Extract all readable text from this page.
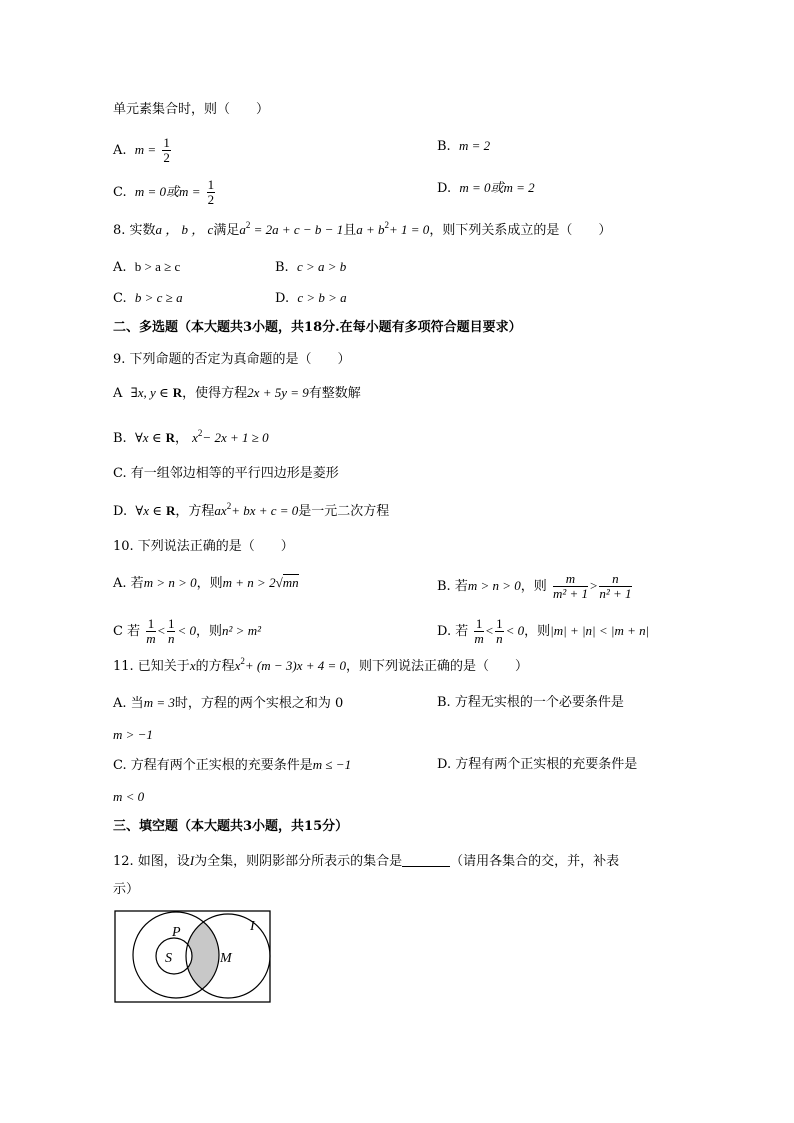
单元素集合时，则（　　）
A. $m = \frac{1}{2}$	B. m = 2
C. m = 0或$m = \frac{1}{2}$	D. m = 0或m = 2
8. 实数a ， b ， c满足$a^2 = 2a + c - b - 1$且$a + b^2+ 1 = 0$，则下列关系成立的是（　　）
A. b > a ≥ c	B. c > a > b
C. b > c ≥ a	D. c > b > a
二、多选题（本大题共3小题，共18分.在每小题有多项符合题目要求）
9. 下列命题的否定为真命题的是（　　）
A ∃x, y ∈ R，使得方程2x + 5y = 9有整数解
B. ∀x ∈ R， $x^2- 2x + 1 \ge 0$
C. 有一组邻边相等的平行四边形是菱形
D. ∀x ∈ R，方程$ax^2+$ bx + c = 0是一元二次方程
10. 下列说法正确的是（　　）
A. 若m > n > 0，则m + n > 2√mn	B. 若m > n > 0，则 $\frac{m}{\text{m² + 1}} > \frac{n}{\text{n² + 1}}$
C 若 $\frac{1}{m} < \frac{1}{n} < 0$，则n² > m²	D. 若 $\frac{1}{m} < \frac{1}{n} < 0$，则|m| + |n| < |m + n|
11. 已知关于x的方程$x^2+ (m - 3)x + 4 = 0$，则下列说法正确的是（　　）
A. 当m = 3时，方程的两个实根之和为 0	B. 方程无实根的一个必要条件是
m > −1
C. 方程有两个正实根的充要条件是m ≤ −1	D. 方程有两个正实根的充要条件是
m < 0
三、填空题（本大题共3小题，共15分）
12. 如图，设I为全集，则阴影部分所表示的集合是	（请用各集合的交，并，补表
示）
I
P
S	M
